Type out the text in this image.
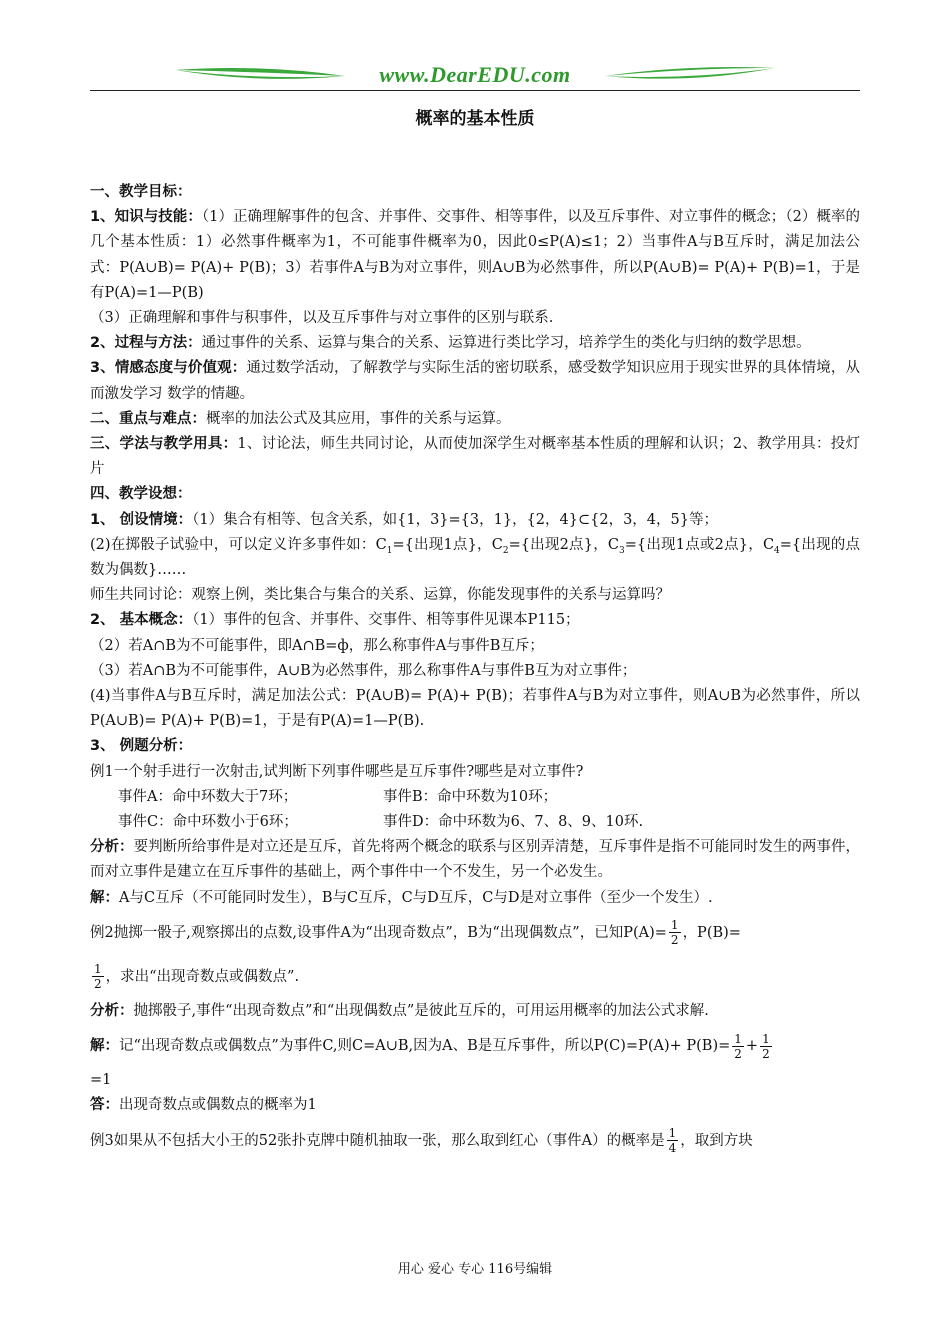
www.DearEDU.com
概率的基本性质

一、教学目标：

1、知识与技能：（1）正确理解事件的包含、并事件、交事件、相等事件，以及互斥事件、对立事件的概念；（2）概率的几个基本性质：1）必然事件概率为1，不可能事件概率为0，因此0≤P(A)≤1；2）当事件A与B互斥时，满足加法公式：P(A∪B)= P(A)+ P(B)；3）若事件A与B为对立事件，则A∪B为必然事件，所以P(A∪B)= P(A)+ P(B)=1，于是有P(A)=1—P(B)

（3）正确理解和事件与积事件，以及互斥事件与对立事件的区别与联系.

2、过程与方法：通过事件的关系、运算与集合的关系、运算进行类比学习，培养学生的类化与归纳的数学思想。

3、情感态度与价值观：通过数学活动，了解教学与实际生活的密切联系，感受数学知识应用于现实世界的具体情境，从而激发学习 数学的情趣。

二、重点与难点：概率的加法公式及其应用，事件的关系与运算。

三、学法与教学用具：1、讨论法，师生共同讨论，从而使加深学生对概率基本性质的理解和认识；2、教学用具：投灯片

四、教学设想：

1、 创设情境：（1）集合有相等、包含关系，如{1，3}={3，1}，{2，4}⊂{2，3，4，5}等；

(2)在掷骰子试验中，可以定义许多事件如：$C_1=${出现1点}，$C_2=${出现2点}，$C_3=${出现1点或2点}，$C_4=${出现的点数为偶数}……

师生共同讨论：观察上例，类比集合与集合的关系、运算，你能发现事件的关系与运算吗？

2、 基本概念：（1）事件的包含、并事件、交事件、相等事件见课本P115；

（2）若A∩B为不可能事件，即A∩B=ф，那么称事件A与事件B互斥；

（3）若A∩B为不可能事件，A∪B为必然事件，那么称事件A与事件B互为对立事件；

(4)当事件A与B互斥时，满足加法公式：P(A∪B)= P(A)+ P(B)；若事件A与B为对立事件，则A∪B为必然事件，所以P(A∪B)= P(A)+ P(B)=1，于是有P(A)=1—P(B).

3、 例题分析：

例1一个射手进行一次射击,试判断下列事件哪些是互斥事件?哪些是对立事件?

事件A：命中环数大于7环；	事件B：命中环数为10环；

事件C：命中环数小于6环；	事件D：命中环数为6、7、8、9、10环.

分析：要判断所给事件是对立还是互斥，首先将两个概念的联系与区别弄清楚，互斥事件是指不可能同时发生的两事件，而对立事件是建立在互斥事件的基础上，两个事件中一个不发生，另一个必发生。

解：A与C互斥（不可能同时发生），B与C互斥，C与D互斥，C与D是对立事件（至少一个发生）.

例2抛掷一骰子,观察掷出的点数,设事件A为“出现奇数点”，B为“出现偶数点”，已知$P(A)= \frac{1}{2}$ ，P(B)=

$\frac{1}{2}$ ，求出“出现奇数点或偶数点”.

分析：抛掷骰子,事件“出现奇数点”和“出现偶数点”是彼此互斥的，可用运用概率的加法公式求解.

解：记“出现奇数点或偶数点”为事件C,则C=A∪B,因为A、B是互斥事件，所以$P(C)=P(A)+ P(B)= \frac{1}{2} + \frac{1}{2}$

=1

答：出现奇数点或偶数点的概率为1

例3如果从不包括大小王的52张扑克牌中随机抽取一张，那么取到红心（事件A）的概率是 $\frac{1}{4}$ ，取到方块

用心 爱心 专心 116号编辑
